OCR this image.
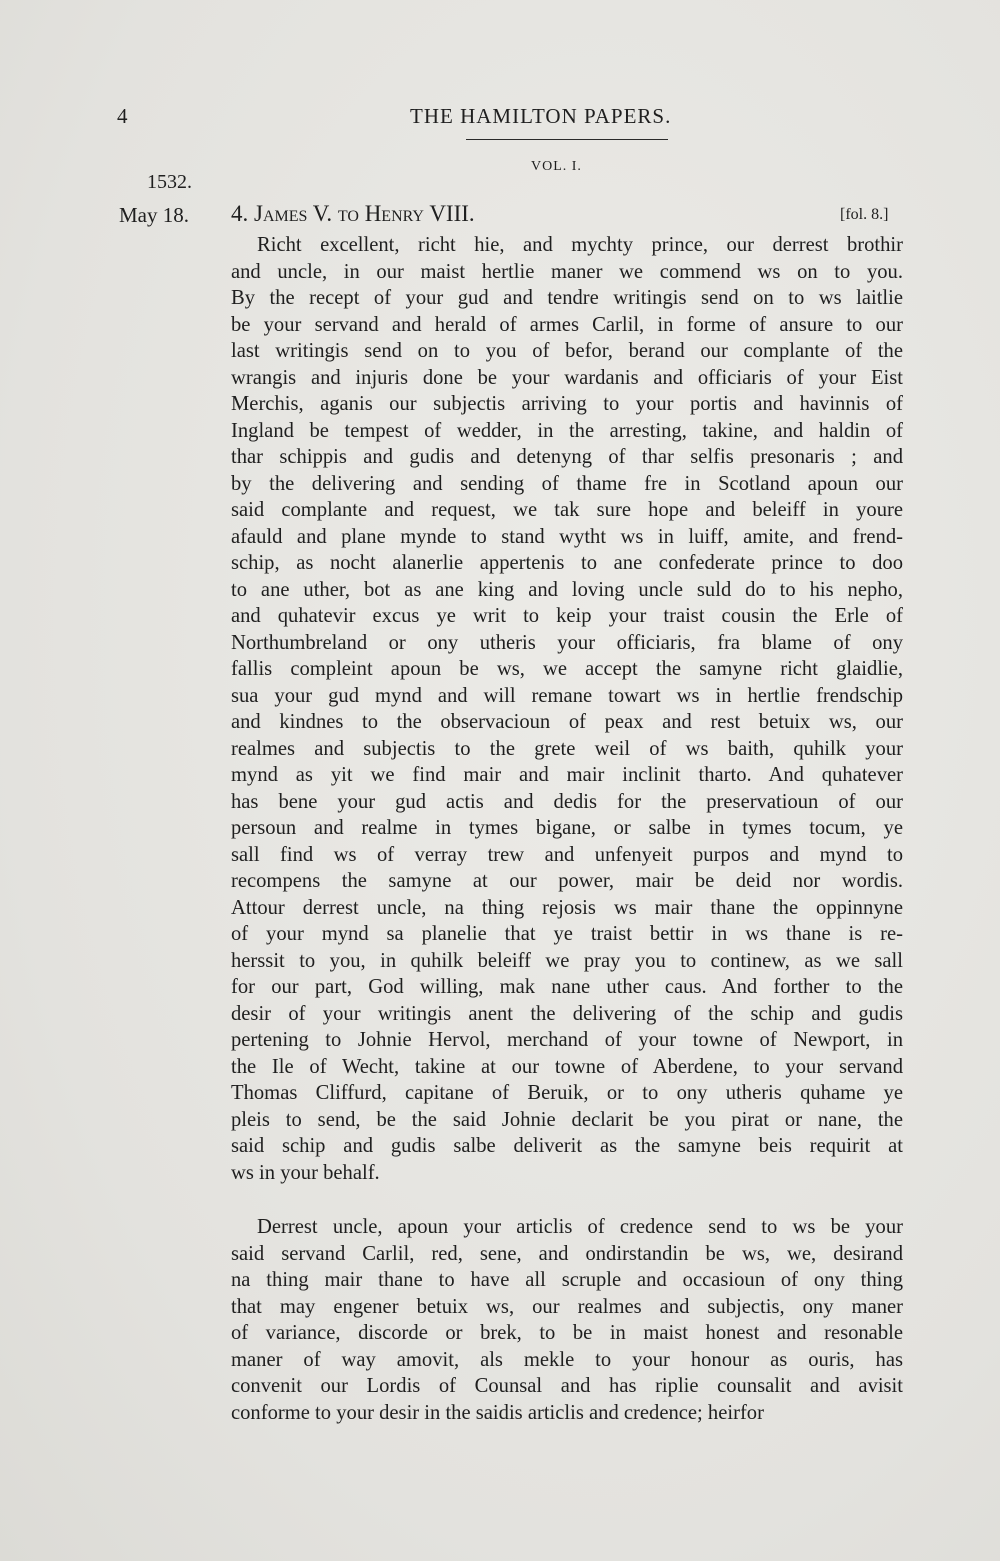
4	THE HAMILTON PAPERS.
VOL. I.
1532.
May 18. 4. James V. to Henry VIII.	[fol. 8.]
Richt excellent, richt hie, and mychty prince, our derrest brothir
and uncle, in our maist hertlie maner we commend ws on to you.
By the recept of your gud and tendre writingis send on to ws laitlie
be your servand and herald of armes Carlil, in forme of ansure to our
last writingis send on to you of befor, berand our complante of the
wrangis and injuris done be your wardanis and officiaris of your Eist
Merchis, aganis our subjectis arriving to your portis and havinnis of
Ingland be tempest of wedder, in the arresting, takine, and haldin of
thar schippis and gudis and detenyng of thar selfis presonaris ; and
by the delivering and sending of thame fre in Scotland apoun our
said complante and request, we tak sure hope and beleiff in youre
afauld and plane mynde to stand wytht ws in luiff, amite, and frend-
schip, as nocht alanerlie appertenis to ane confederate prince to doo
to ane uther, bot as ane king and loving uncle suld do to his nepho,
and quhatevir excus ye writ to keip your traist cousin the Erle of
Northumbreland or ony utheris your officiaris, fra blame of ony
fallis compleint apoun be ws, we accept the samyne richt glaidlie,
sua your gud mynd and will remane towart ws in hertlie frendschip
and kindnes to the observacioun of peax and rest betuix ws, our
realmes and subjectis to the grete weil of ws baith, quhilk your
mynd as yit we find mair and mair inclinit tharto. And quhatever
has bene your gud actis and dedis for the preservatioun of our
persoun and realme in tymes bigane, or salbe in tymes tocum, ye
sall find ws of verray trew and unfenyeit purpos and mynd to
recompens the samyne at our power, mair be deid nor wordis.
Attour derrest uncle, na thing rejosis ws mair thane the oppinnyne
of your mynd sa planelie that ye traist bettir in ws thane is re-
herssit to you, in quhilk beleiff we pray you to continew, as we sall
for our part, God willing, mak nane uther caus. And forther to the
desir of your writingis anent the delivering of the schip and gudis
pertening to Johnie Hervol, merchand of your towne of Newport, in
the Ile of Wecht, takine at our towne of Aberdene, to your servand
Thomas Cliffurd, capitane of Beruik, or to ony utheris quhame ye
pleis to send, be the said Johnie declarit be you pirat or nane, the
said schip and gudis salbe deliverit as the samyne beis requirit at
ws in your behalf.
Derrest uncle, apoun your articlis of credence send to ws be your
said servand Carlil, red, sene, and ondirstandin be ws, we, desirand
na thing mair thane to have all scruple and occasioun of ony thing
that may engener betuix ws, our realmes and subjectis, ony maner
of variance, discorde or brek, to be in maist honest and resonable
maner of way amovit, als mekle to your honour as ouris, has
convenit our Lordis of Counsal and has riplie counsalit and avisit
conforme to your desir in the saidis articlis and credence; heirfor
